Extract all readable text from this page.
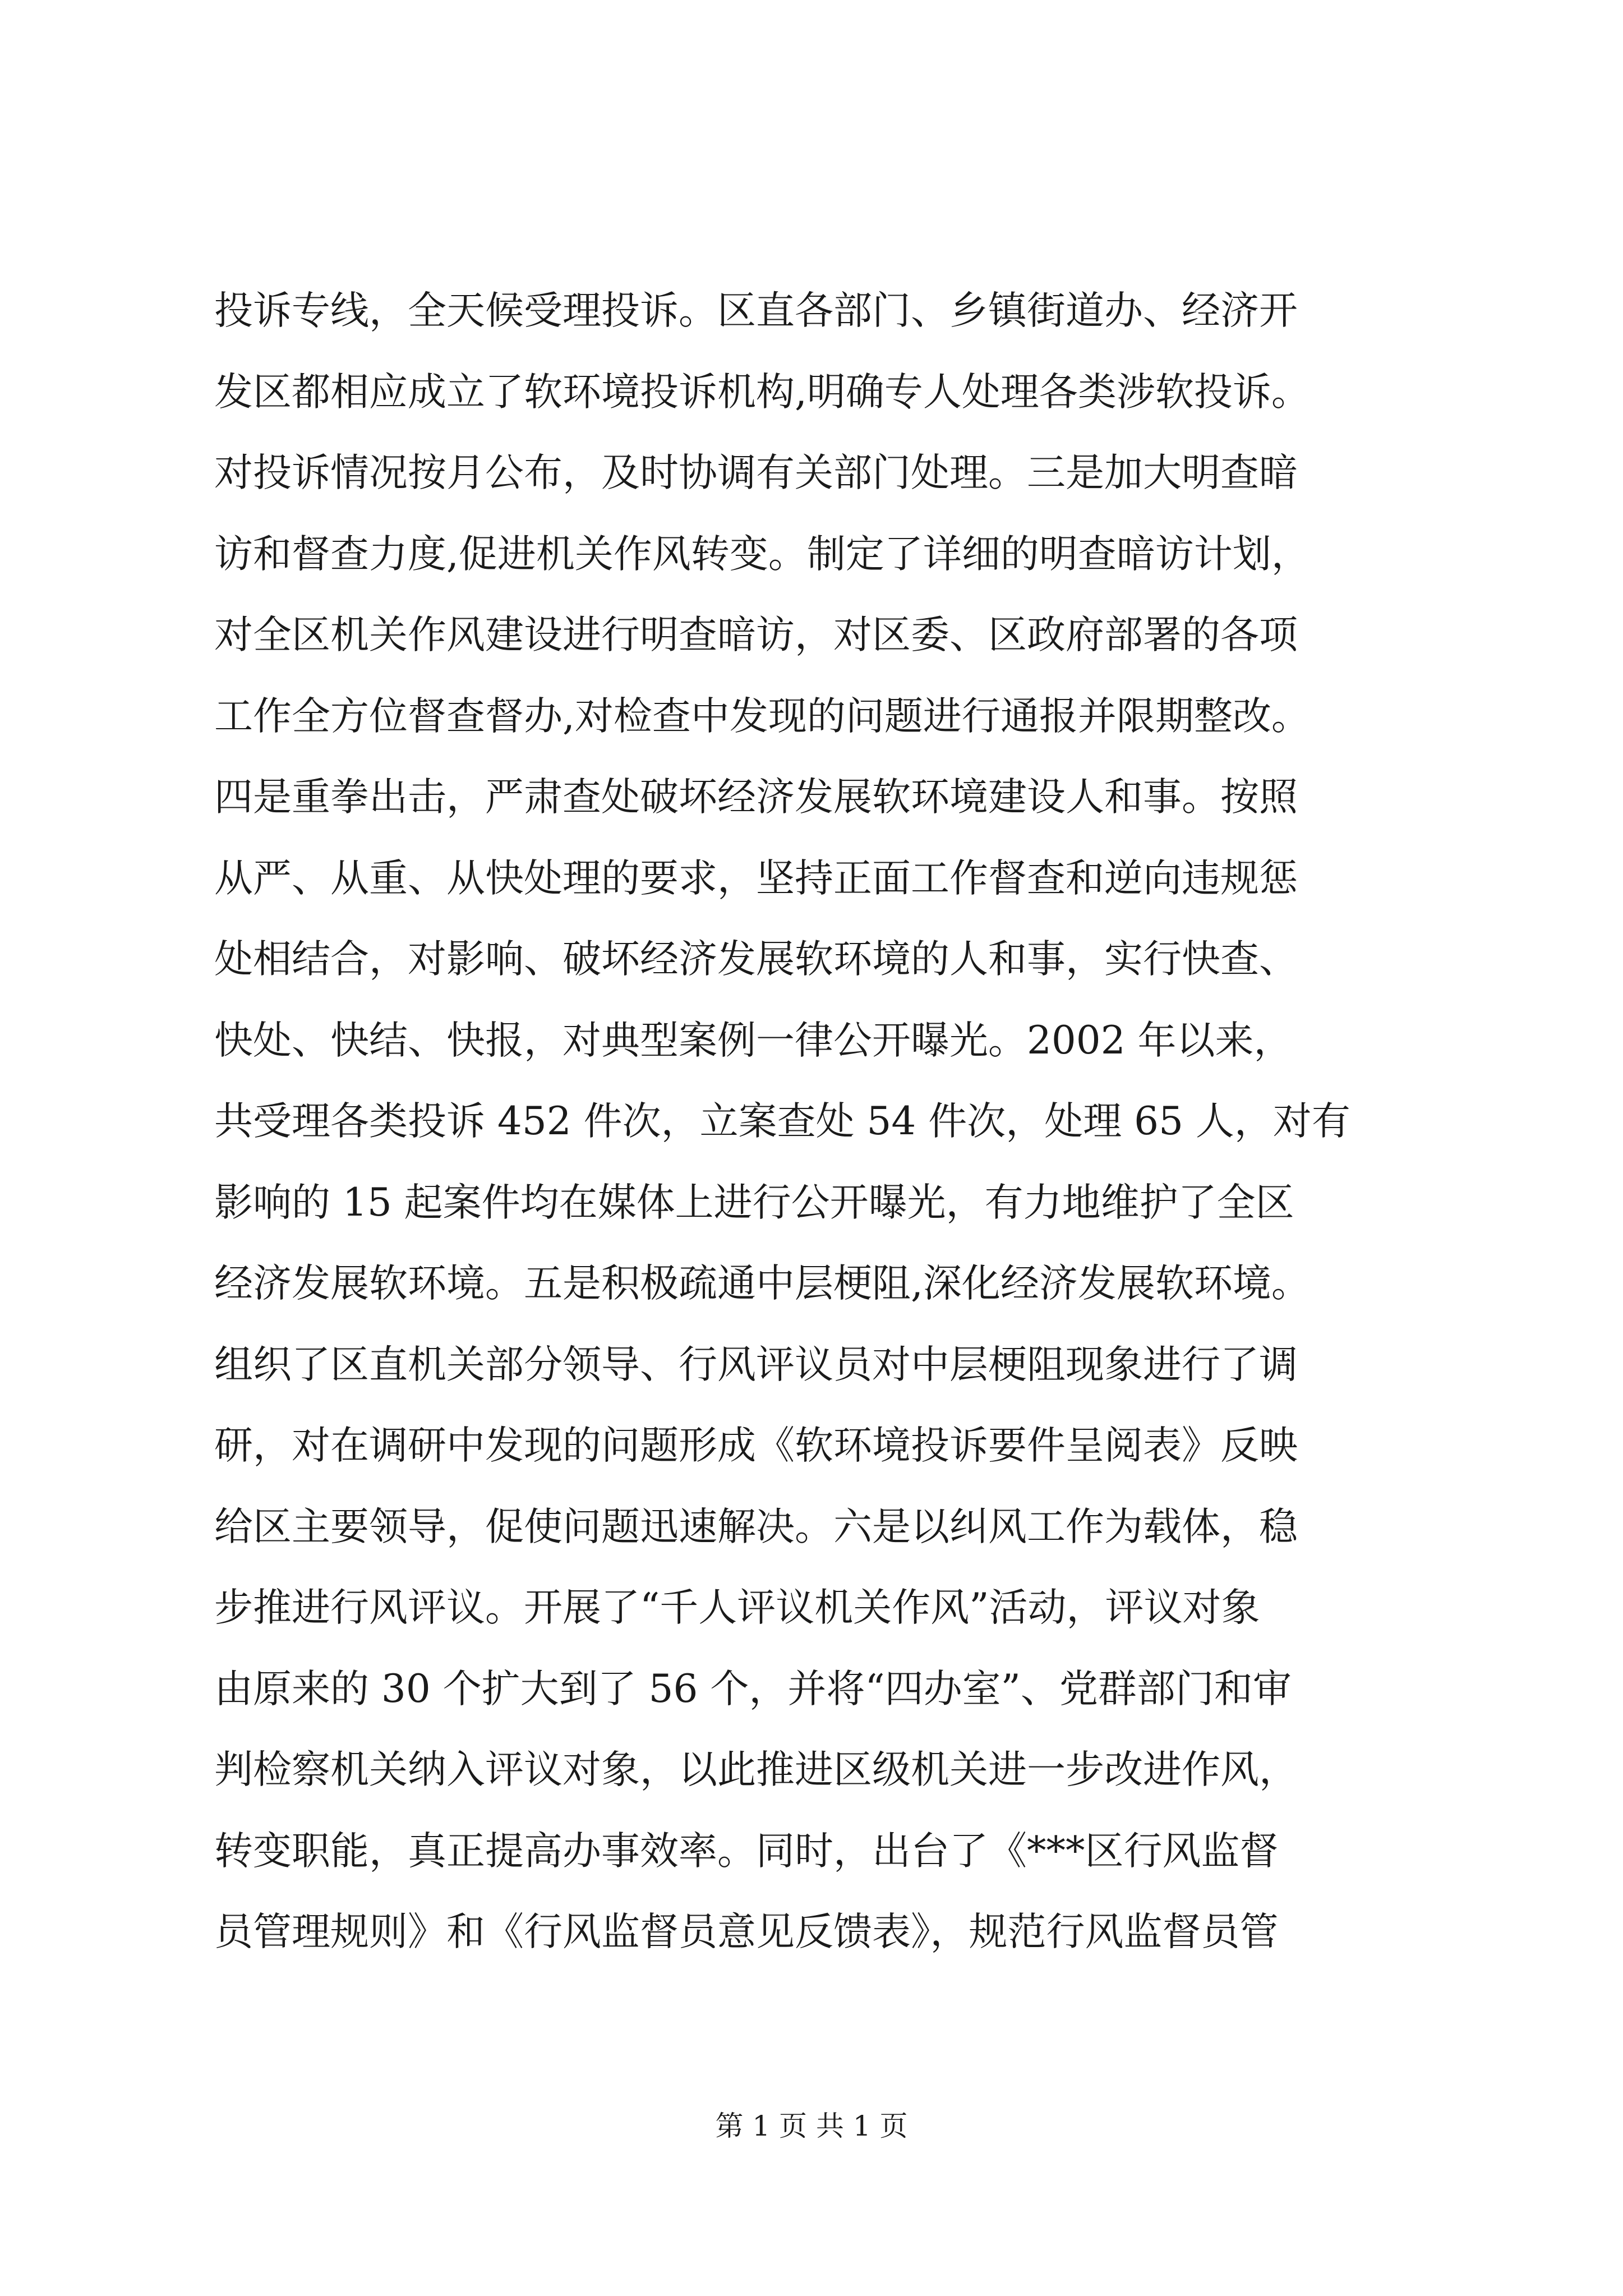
投诉专线，全天候受理投诉。区直各部门、乡镇街道办、经济开
发区都相应成立了软环境投诉机构,明确专人处理各类涉软投诉。
对投诉情况按月公布，及时协调有关部门处理。三是加大明查暗
访和督查力度,促进机关作风转变。制定了详细的明查暗访计划，
对全区机关作风建设进行明查暗访，对区委、区政府部署的各项
工作全方位督查督办,对检查中发现的问题进行通报并限期整改。
四是重拳出击，严肃查处破坏经济发展软环境建设人和事。按照
从严、从重、从快处理的要求，坚持正面工作督查和逆向违规惩
处相结合，对影响、破坏经济发展软环境的人和事，实行快查、
快处、快结、快报，对典型案例一律公开曝光。2002 年以来，
共受理各类投诉 452 件次，立案查处 54 件次，处理 65 人，对有
影响的 15 起案件均在媒体上进行公开曝光，有力地维护了全区
经济发展软环境。五是积极疏通中层梗阻,深化经济发展软环境。
组织了区直机关部分领导、行风评议员对中层梗阻现象进行了调
研，对在调研中发现的问题形成《软环境投诉要件呈阅表》反映
给区主要领导，促使问题迅速解决。六是以纠风工作为载体，稳
步推进行风评议。开展了“千人评议机关作风”活动，评议对象
由原来的 30 个扩大到了 56 个，并将“四办室”、党群部门和审
判检察机关纳入评议对象，以此推进区级机关进一步改进作风，
转变职能，真正提高办事效率。同时，出台了《***区行风监督
员管理规则》和《行风监督员意见反馈表》，规范行风监督员管
第 1 页 共 1 页
